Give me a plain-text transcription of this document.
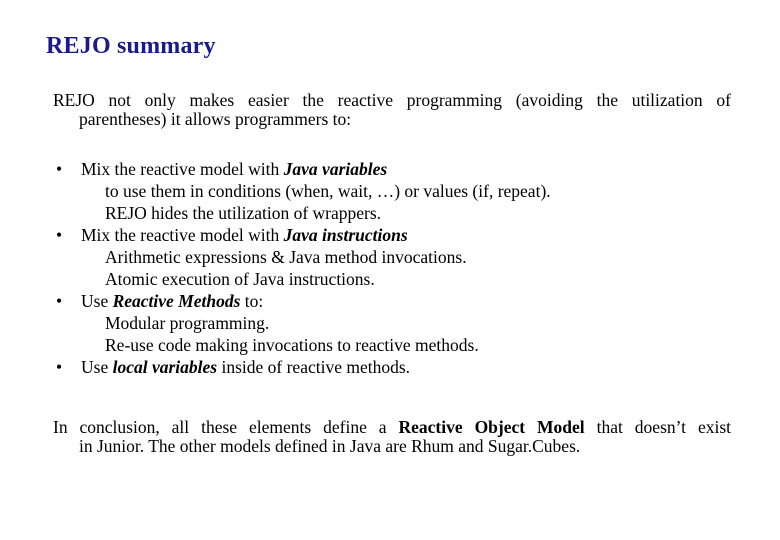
REJO summary
REJO not only makes easier the reactive programming (avoiding the utilization of
parentheses) it allows programmers to:
• Mix the reactive model with Java variables
to use them in conditions (when, wait, …) or values (if, repeat).
REJO hides the utilization of wrappers.
• Mix the reactive model with Java instructions
Arithmetic expressions & Java method invocations.
Atomic execution of Java instructions.
• Use Reactive Methods to:
Modular programming.
Re-use code making invocations to reactive methods.
• Use local variables inside of reactive methods.
In conclusion, all these elements define a Reactive Object Model that doesn’t exist
in Junior. The other models defined in Java are Rhum and Sugar.Cubes.
